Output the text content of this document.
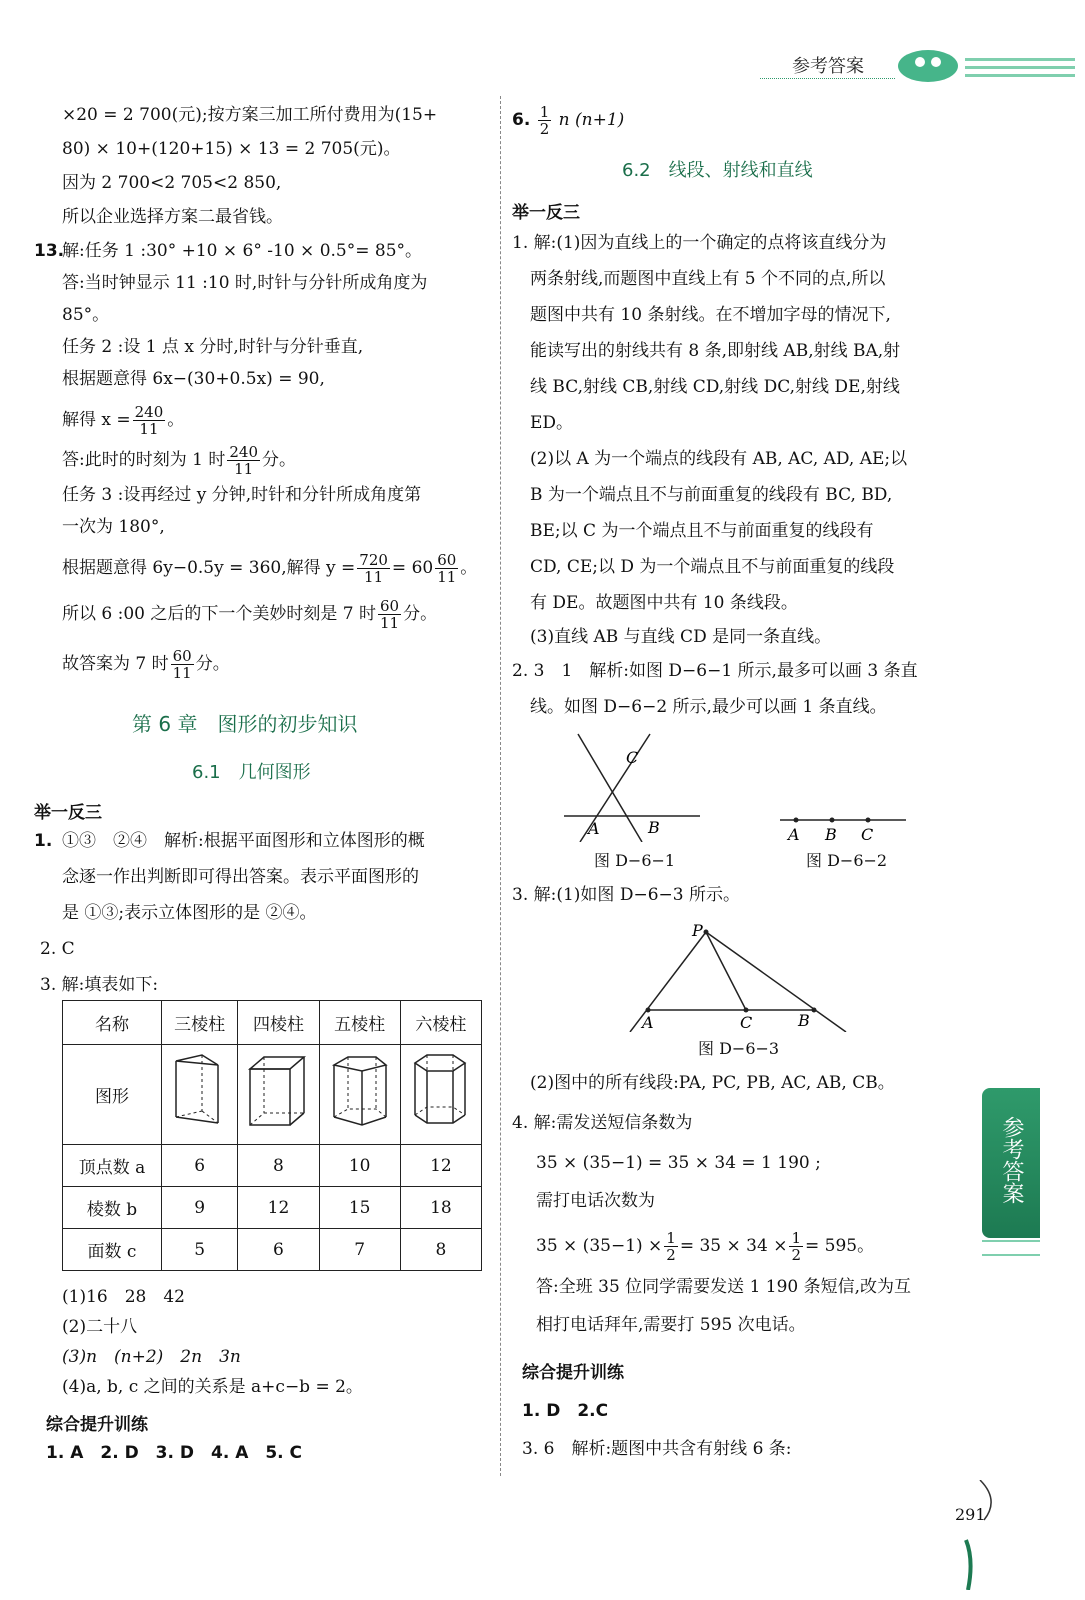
参考答案
×20 = 2 700(元);按方案三加工所付费用为(15+
80) × 10+(120+15) × 13 = 2 705(元)。
因为 2 700<2 705<2 850,
所以企业选择方案二最省钱。
13.
解:任务 1 :30° +10 × 6° -10 × 0.5°= 85°。
答:当时钟显示 11 :10 时,时针与分针所成角度为
85°。
任务 2 :设 1 点 x 分时,时针与分针垂直,
根据题意得 6x−(30+0.5x) = 90,
解得 $x = \frac{240}{11}$ 。
答:此时的时刻为 1 时 $\frac{240}{11}$ 分。
任务 3 :设再经过 y 分钟,时针和分针所成角度第
一次为 180°,
根据题意得 6y−0.5y = 360,解得 $y = \frac{720}{11} = 60 \frac{60}{11}$ 。
所以 6 :00 之后的下一个美妙时刻是 7 时 $\frac{60}{11}$ 分。
故答案为 7 时 $\frac{60}{11}$ 分。
第 6 章　图形的初步知识
6.1　几何图形
举一反三
1. ①③　②④　解析:根据平面图形和立体图形的概
念逐一作出判断即可得出答案。表示平面图形的
是 ①③;表示立体图形的是 ②④。
2. C
3. 解:填表如下:
名称	三棱柱	四棱柱	五棱柱	六棱柱
图形				
顶点数 a	6	8	10	12
棱数 b	9	12	15	18
面数 c	5	6	7	8
(1)16　28　42
(2)二十八
(3)n　(n+2)　2n　3n
(4)a, b, c 之间的关系是 a+c−b = 2。
综合提升训练
1. A　2. D　3. D　4. A　5. C
6. $\frac{1}{2}$ n (n+1)
6.2　线段、射线和直线
举一反三
1. 解:(1)因为直线上的一个确定的点将该直线分为
两条射线,而题图中直线上有 5 个不同的点,所以
题图中共有 10 条射线。在不增加字母的情况下,
能读写出的射线共有 8 条,即射线 AB,射线 BA,射
线 BC,射线 CB,射线 CD,射线 DC,射线 DE,射线
ED。
(2)以 A 为一个端点的线段有 AB, AC, AD, AE;以
B 为一个端点且不与前面重复的线段有 BC, BD,
BE;以 C 为一个端点且不与前面重复的线段有
CD, CE;以 D 为一个端点且不与前面重复的线段
有 DE。故题图中共有 10 条线段。
(3)直线 AB 与直线 CD 是同一条直线。
2. 3　1　解析:如图 D−6−1 所示,最多可以画 3 条直
线。如图 D−6−2 所示,最少可以画 1 条直线。
C
A	B
图 D−6−1
A B C
图 D−6−2
3. 解:(1)如图 D−6−3 所示。
P
A	C	B
图 D−6−3
(2)图中的所有线段:PA, PC, PB, AC, AB, CB。
4. 解:需发送短信条数为
35 × (35−1) = 35 × 34 = 1 190 ;
需打电话次数为
$35 \times (35-1) \times \frac{1}{2} = 35 \times 34 \times \frac{1}{2} = 595$。
答:全班 35 位同学需要发送 1 190 条短信,改为互
相打电话拜年,需要打 595 次电话。
综合提升训练
1. D　2.C
3. 6　解析:题图中共含有射线 6 条:
参考答案
291
